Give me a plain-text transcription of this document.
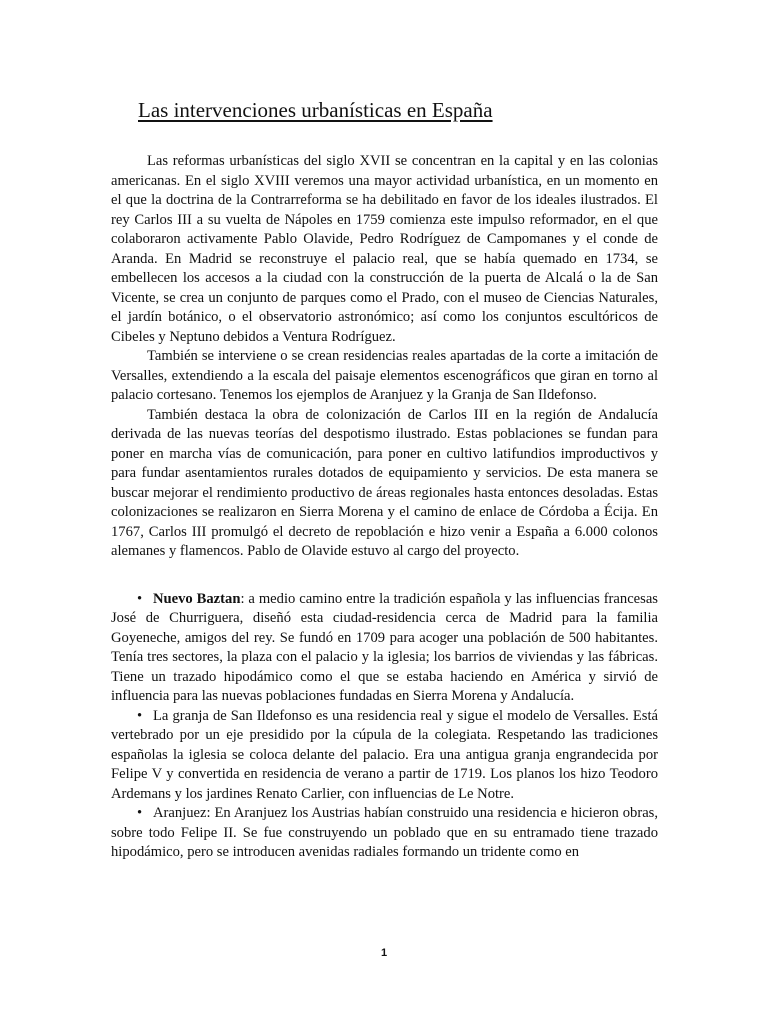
Las intervenciones urbanísticas en España

Las reformas urbanísticas del siglo XVII se concentran en la capital y en las colonias americanas. En el siglo XVIII veremos una mayor actividad urbanística, en un momento en el que la doctrina de la Contrarreforma se ha debilitado en favor de los ideales ilustrados. El rey Carlos III a su vuelta de Nápoles en 1759 comienza este impulso reformador, en el que colaboraron activamente Pablo Olavide, Pedro Rodríguez de Campomanes y el conde de Aranda. En Madrid se reconstruye el palacio real, que se había quemado en 1734, se embellecen los accesos a la ciudad con la construcción de la puerta de Alcalá o la de San Vicente, se crea un conjunto de parques como el Prado, con el museo de Ciencias Naturales, el jardín botánico, o el observatorio astronómico; así como los conjuntos escultóricos de Cibeles y Neptuno debidos a Ventura Rodríguez.

También se interviene o se crean residencias reales apartadas de la corte a imitación de Versalles, extendiendo a la escala del paisaje elementos escenográficos que giran en torno al palacio cortesano. Tenemos los ejemplos de Aranjuez y la Granja de San Ildefonso.

También destaca la obra de colonización de Carlos III en la región de Andalucía derivada de las nuevas teorías del despotismo ilustrado. Estas poblaciones se fundan para poner en marcha vías de comunicación, para poner en cultivo latifundios improductivos y para fundar asentamientos rurales dotados de equipamiento y servicios. De esta manera se buscar mejorar el rendimiento productivo de áreas regionales hasta entonces desoladas. Estas colonizaciones se realizaron en Sierra Morena y el camino de enlace de Córdoba a Écija. En 1767, Carlos III promulgó el decreto de repoblación e hizo venir a España a 6.000 colonos alemanes y flamencos. Pablo de Olavide estuvo al cargo del proyecto.

• Nuevo Baztan: a medio camino entre la tradición española y las influencias francesas José de Churriguera, diseñó esta ciudad-residencia cerca de Madrid para la familia Goyeneche, amigos del rey. Se fundó en 1709 para acoger una población de 500 habitantes. Tenía tres sectores, la plaza con el palacio y la iglesia; los barrios de viviendas y las fábricas. Tiene un trazado hipodámico como el que se estaba haciendo en América y sirvió de influencia para las nuevas poblaciones fundadas en Sierra Morena y Andalucía.

• La granja de San Ildefonso es una residencia real y sigue el modelo de Versalles. Está vertebrado por un eje presidido por la cúpula de la colegiata. Respetando las tradiciones españolas la iglesia se coloca delante del palacio. Era una antigua granja engrandecida por Felipe V y convertida en residencia de verano a partir de 1719. Los planos los hizo Teodoro Ardemans y los jardines Renato Carlier, con influencias de Le Notre.

• Aranjuez: En Aranjuez los Austrias habían construido una residencia e hicieron obras, sobre todo Felipe II. Se fue construyendo un poblado que en su entramado tiene trazado hipodámico, pero se introducen avenidas radiales formando un tridente como en

1
